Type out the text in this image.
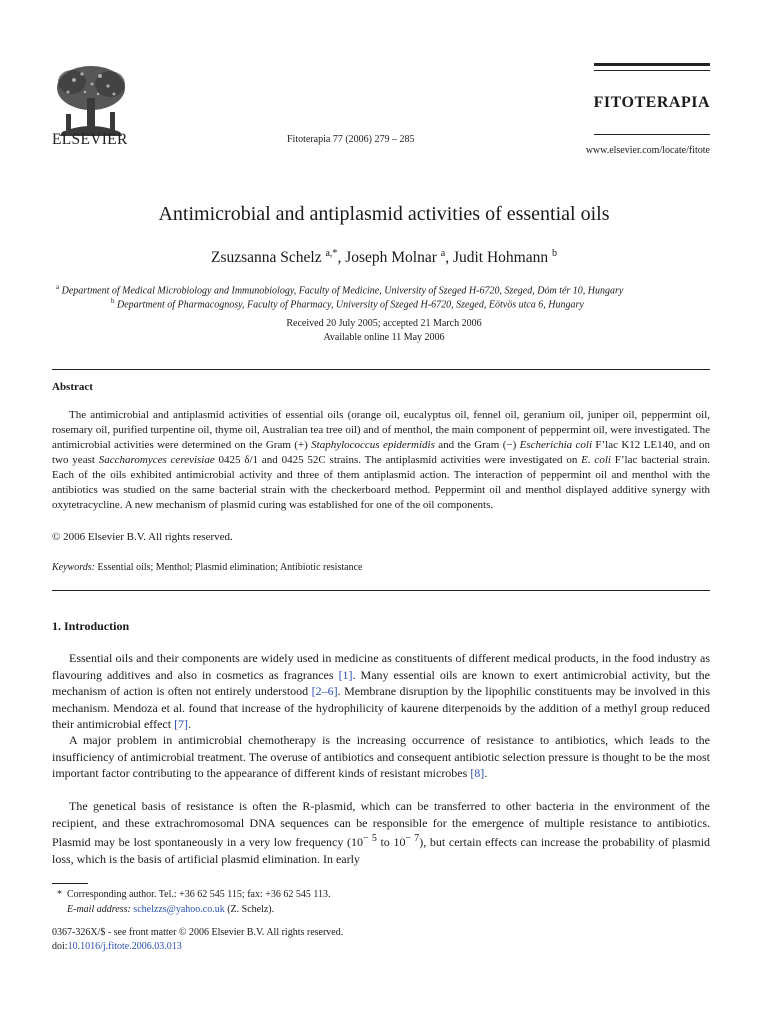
ELSEVIER	Fitoterapia 77 (2006) 279 – 285
FITOTERAPIA
www.elsevier.com/locate/fitote
Antimicrobial and antiplasmid activities of essential oils
Zsuzsanna Schelz $^{a,*}$, Joseph Molnar $^a$, Judit Hohmann $^b$
$^a$ Department of Medical Microbiology and Immunobiology, Faculty of Medicine, University of Szeged H-6720, Szeged, Dóm tér 10, Hungary
$^b$ Department of Pharmacognosy, Faculty of Pharmacy, University of Szeged H-6720, Szeged, Eötvös utca 6, Hungary
Received 20 July 2005; accepted 21 March 2006
Available online 11 May 2006
Abstract

The antimicrobial and antiplasmid activities of essential oils (orange oil, eucalyptus oil, fennel oil, geranium oil, juniper oil, peppermint oil, rosemary oil, purified turpentine oil, thyme oil, Australian tea tree oil) and of menthol, the main component of peppermint oil, were investigated. The antimicrobial activities were determined on the Gram (+) Staphylococcus epidermidis and the Gram (−) Escherichia coli F’lac K12 LE140, and on two yeast Saccharomyces cerevisiae 0425 δ/1 and 0425 52C strains. The antiplasmid activities were investigated on E. coli F’lac bacterial strain. Each of the oils exhibited antimicrobial activity and three of them antiplasmid action. The interaction of peppermint oil and menthol with the antibiotics was studied on the same bacterial strain with the checkerboard method. Peppermint oil and menthol displayed additive synergy with oxytetracycline. A new mechanism of plasmid curing was established for one of the oil components.

© 2006 Elsevier B.V. All rights reserved.
Keywords: Essential oils; Menthol; Plasmid elimination; Antibiotic resistance
1. Introduction

Essential oils and their components are widely used in medicine as constituents of different medical products, in the food industry as flavouring additives and also in cosmetics as fragrances [1]. Many essential oils are known to exert antimicrobial activity, but the mechanism of action is often not entirely understood [2–6]. Membrane disruption by the lipophilic constituents may be involved in this mechanism. Mendoza et al. found that increase of the hydrophilicity of kaurene diterpenoids by the addition of a methyl group reduced their antimicrobial effect [7].

A major problem in antimicrobial chemotherapy is the increasing occurrence of resistance to antibiotics, which leads to the insufficiency of antimicrobial treatment. The overuse of antibiotics and consequent antibiotic selection pressure is thought to be the most important factor contributing to the appearance of different kinds of resistant microbes [8].

The genetical basis of resistance is often the R-plasmid, which can be transferred to other bacteria in the environment of the recipient, and these extrachromosomal DNA sequences can be responsible for the emergence of multiple resistance to antibiotics. Plasmid may be lost spontaneously in a very low frequency ($10^{- 5}$ to $10^{- 7}$), but certain effects can increase the probability of plasmid loss, which is the basis of artificial plasmid elimination. In early

* Corresponding author. Tel.: +36 62 545 115; fax: +36 62 545 113.
E-mail address: schelzzs@yahoo.co.uk (Z. Schelz).
0367-326X/$ - see front matter © 2006 Elsevier B.V. All rights reserved.
doi:10.1016/j.fitote.2006.03.013
